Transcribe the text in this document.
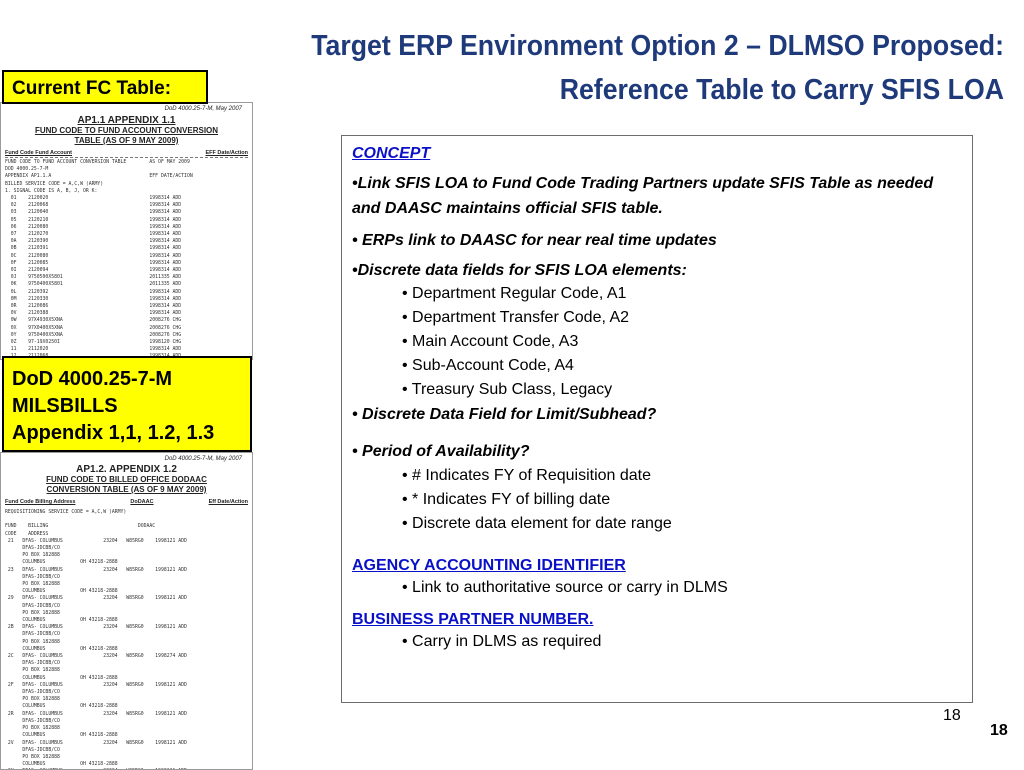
Target ERP Environment Option 2 – DLMSO Proposed:
Reference Table to Carry SFIS LOA
Current FC Table:
DoD 4000.25-7-M, May 2007
AP1.1 APPENDIX 1.1
FUND CODE TO FUND ACCOUNT CONVERSION
TABLE (AS OF 9 MAY 2009)
Fund Code Fund Account	EFF Date/Action
FUND CODE TO FUND ACCOUNT CONVERSION TABLE        AS OF MAY 2009
DOD 4000.25-7-M
APPENDIX AP1.1.A                                  EFF DATE/ACTION
BILLED SERVICE CODE = A,C,W (ARMY)
1. SIGNAL CODE IS A, B, J, OR K:
01    2120020                                   1998314 ADD
02    2120068                                   1998314 ADD
03    2120040                                   1998314 ADD
05    2120210                                   1998314 ADD
06    2120080                                   1998314 ADD
07    2120270                                   1998314 ADD
0A    2120390                                   1998314 ADD
0B    2120391                                   1998314 ADD
0C    2120080                                   1998314 ADD
0F    2120085                                   1998314 ADD
0I    2120094                                   1998314 ADD
0J    9750500X5801                              2011335 ADD
0K    9750400X5801                              2011335 ADD
0L    2120392                                   1998314 ADD
0M    2120330                                   1998314 ADD
0R    2120086                                   1998314 ADD
0V    2120388                                   1998314 ADD
0W    97X4930X5XNA                              2008276 CHG
0X    97X0400X5XNA                              2008276 CHG
0Y    9750400X5XNA                              2008276 CHG
0Z    97-19X0250I                               1998120 CHG
11    2112020                                   1998314 ADD
DoD 4000.25-7-M
MILSBILLS
Appendix 1,1, 1.2, 1.3
DoD 4000.25-7-M, May 2007
AP1.2. APPENDIX 1.2
FUND CODE TO BILLED OFFICE DODAAC
CONVERSION TABLE (AS OF 9 MAY 2009)
Fund Code Billing Address	DoDAAC	Eff Date/Action
REQUISITIONING SERVICE CODE = A,C,W (ARMY)

FUND    BILLING                               DODAAC
CODE    ADDRESS
21   DFAS- COLUMBUS              23204   W85RG0    1998121 ADD
DFAS-JDCBB/CO
PO BOX 182888
COLUMBUS            OH 43218-2888
23   DFAS- COLUMBUS              23204   W85RG0    1998121 ADD
DFAS-JDCBB/CO
PO BOX 182888
COLUMBUS            OH 43218-2888
29   DFAS- COLUMBUS              23204   W85RG0    1998121 ADD
DFAS-JDCBB/CO
PO BOX 182888
COLUMBUS            OH 43218-2888
2B   DFAS- COLUMBUS              23204   W85RG0    1998121 ADD
DFAS-JDCBB/CO
PO BOX 182888
COLUMBUS            OH 43218-2888
2C   DFAS- COLUMBUS              23204   W85RG0    1998274 ADD
DFAS-JDCBB/CO
PO BOX 182888
COLUMBUS            OH 43218-2888
2F   DFAS- COLUMBUS              23204   W85RG0    1998121 ADD
DFAS-JDCBB/CO
PO BOX 182888
COLUMBUS            OH 43218-2888
2R   DFAS- COLUMBUS              23204   W85RG0    1998121 ADD
DFAS-JDCBB/CO
PO BOX 182888
COLUMBUS            OH 43218-2888
2V   DFAS- COLUMBUS              23204   W85RG0    1998121 ADD
DFAS-JDCBB/CO
PO BOX 182888
COLUMBUS            OH 43218-2888

CONCEPT

•Link SFIS LOA to Fund Code Trading Partners update SFIS Table as needed and DAASC maintains official SFIS table.

• ERPs link to DAASC for near real time updates

•Discrete data fields for SFIS LOA elements:

• Department Regular Code, A1
• Department Transfer Code, A2
• Main Account Code, A3
• Sub-Account Code, A4
• Treasury Sub Class, Legacy

• Discrete Data Field for Limit/Subhead?

• Period of Availability?

• # Indicates FY of Requisition date
• * Indicates FY of billing date
• Discrete data element for date range

AGENCY ACCOUNTING IDENTIFIER

• Link to authoritative source or carry in DLMS

BUSINESS PARTNER NUMBER.

• Carry in DLMS as required

18
18
